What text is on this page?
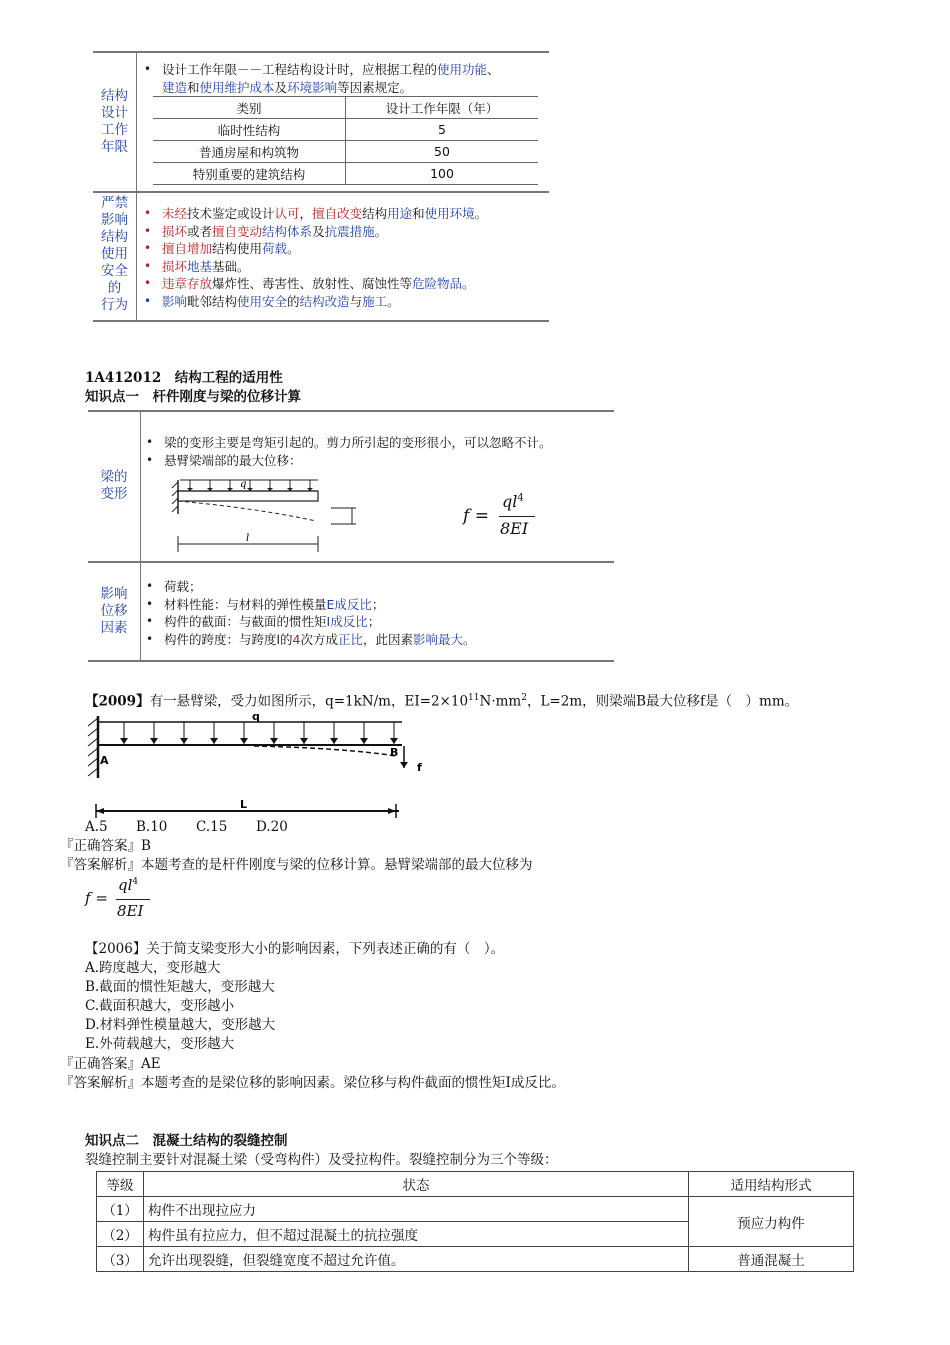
结构
设计
工作
年限
• 设计工作年限－－工程结构设计时，应根据工程的使用功能、
建造和使用维护成本及环境影响等因素规定。
类别	设计工作年限（年）
临时性结构	5
普通房屋和构筑物	50
特别重要的建筑结构	100
严禁
影响
结构
使用
安全
的
行为
• 未经技术鉴定或设计认可，擅自改变结构用途和使用环境。
• 损坏或者擅自变动结构体系及抗震措施。
• 擅自增加结构使用荷载。
• 损坏地基基础。
• 违章存放爆炸性、毒害性、放射性、腐蚀性等危险物品。
• 影响毗邻结构使用安全的结构改造与施工。
1A412012　结构工程的适用性
知识点一　杆件刚度与梁的位移计算
梁的
变形
• 梁的变形主要是弯矩引起的。剪力所引起的变形很小，可以忽略不计。
• 悬臂梁端部的最大位移：
q
l
f =
$ql^4$
8EI
影响
位移
因素
• 荷载；
• 材料性能：与材料的弹性模量E成反比；
• 构件的截面：与截面的惯性矩I成反比；
• 构件的跨度：与跨度l的4次方成正比，此因素影响最大。
【2009】有一悬臂梁，受力如图所示，q=1kN/m，$EI=2\times 10^{11}N\cdot mm^2$，L=2m，则梁端B最大位移f是（　）mm。
q
A
B
f
L
A.5 B.10 C.15 D.20
『正确答案』B
『答案解析』本题考查的是杆件刚度与梁的位移计算。悬臂梁端部的最大位移为
f =
$ql^4$
8EI
【2006】关于简支梁变形大小的影响因素，下列表述正确的有（　）。
A.跨度越大，变形越大
B.截面的惯性矩越大，变形越大
C.截面积越大，变形越小
D.材料弹性模量越大，变形越大
E.外荷载越大，变形越大
『正确答案』AE
『答案解析』本题考查的是梁位移的影响因素。梁位移与构件截面的惯性矩I成反比。
知识点二　混凝土结构的裂缝控制
裂缝控制主要针对混凝土梁（受弯构件）及受拉构件。裂缝控制分为三个等级：
等级	状态	适用结构形式
（1）	构件不出现拉应力	预应力构件
（2）	构件虽有拉应力，但不超过混凝土的抗拉强度	
（3）	允许出现裂缝，但裂缝宽度不超过允许值。	普通混凝土
